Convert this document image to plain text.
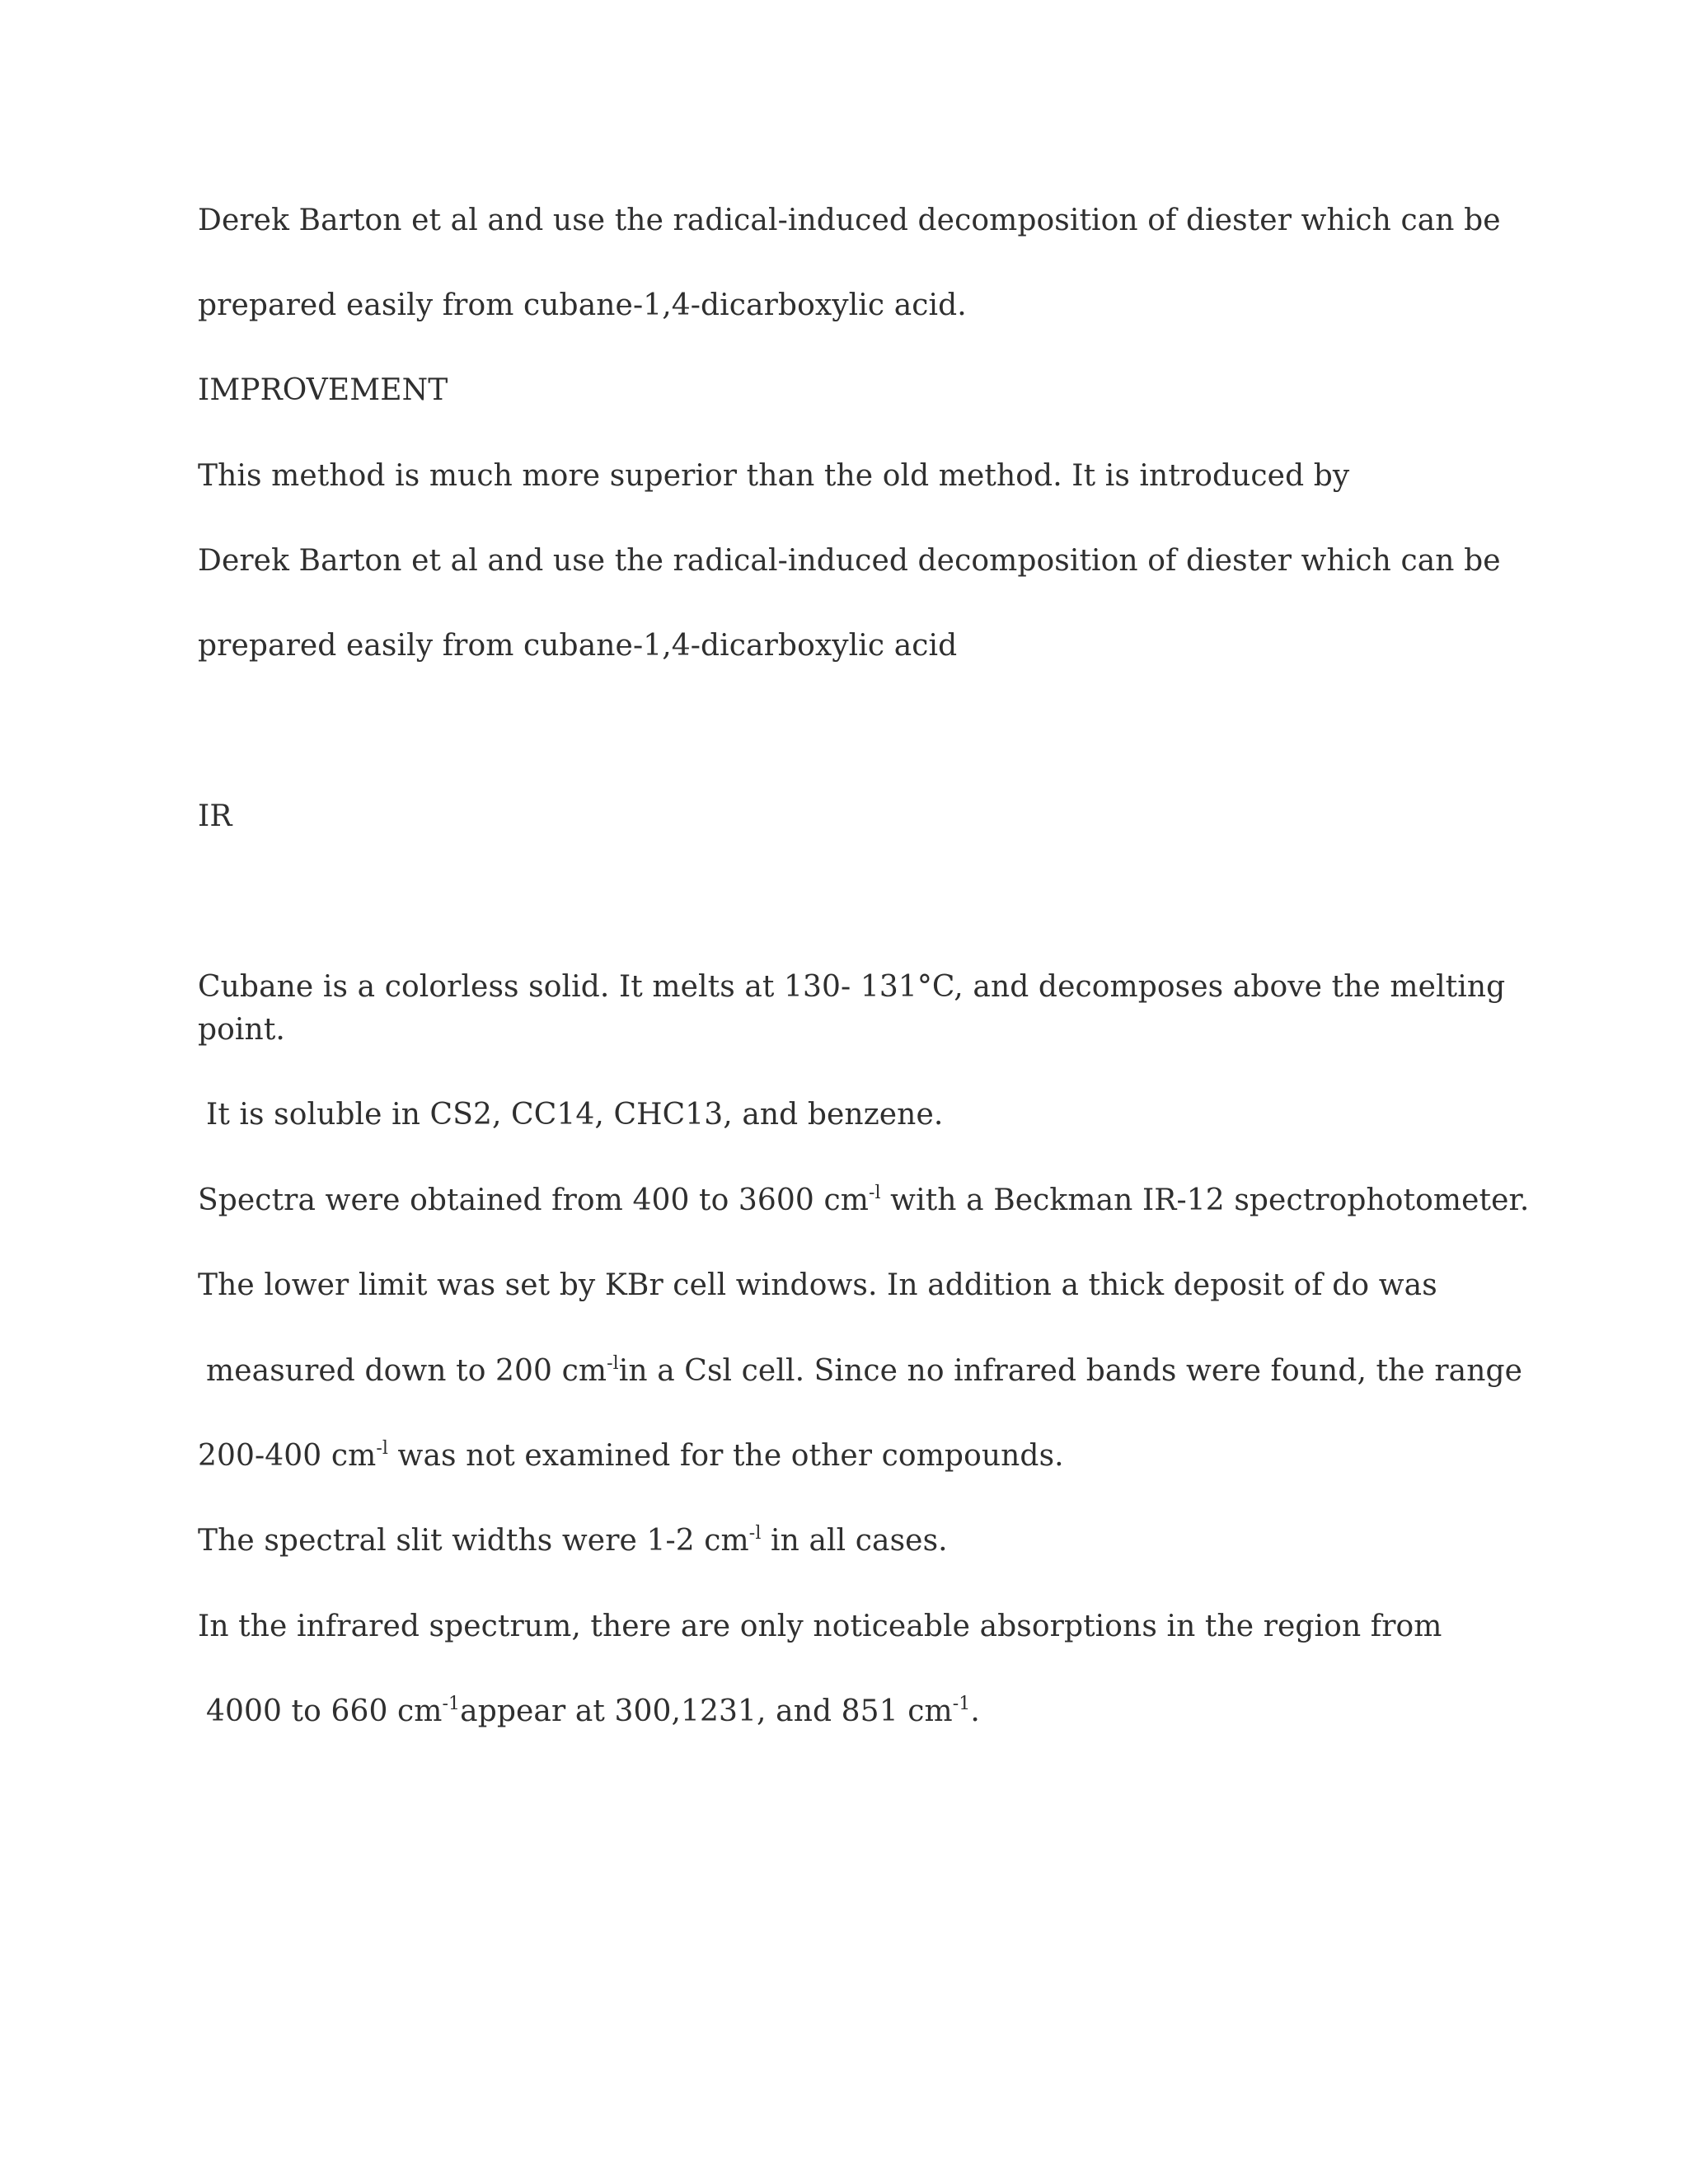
Derek Barton et al and use the radical-induced decomposition of diester which can be
prepared easily from cubane-1,4-dicarboxylic acid.
IMPROVEMENT
This method is much more superior than the old method. It is introduced by
Derek Barton et al and use the radical-induced decomposition of diester which can be
prepared easily from cubane-1,4-dicarboxylic acid
IR
Cubane is a colorless solid. It melts at 130- 131°C, and decomposes above the melting
point.
It is soluble in CS2, CC14, CHC13, and benzene.
Spectra were obtained from 400 to 3600 $cm^{-l}$ with a Beckman IR-12 spectrophotometer.
The lower limit was set by KBr cell windows. In addition a thick deposit of do was
measured down to 200 $cm^{-l}in$ a Csl cell. Since no infrared bands were found, the range
200-400 $cm^{-l}$ was not examined for the other compounds.
The spectral slit widths were 1-2 $cm^{-l}$ in all cases.
In the infrared spectrum, there are only noticeable absorptions in the region from
4000 to 660 $cm^{-1}appear$ at 300,1231, and 851 $cm^{-1}$.
